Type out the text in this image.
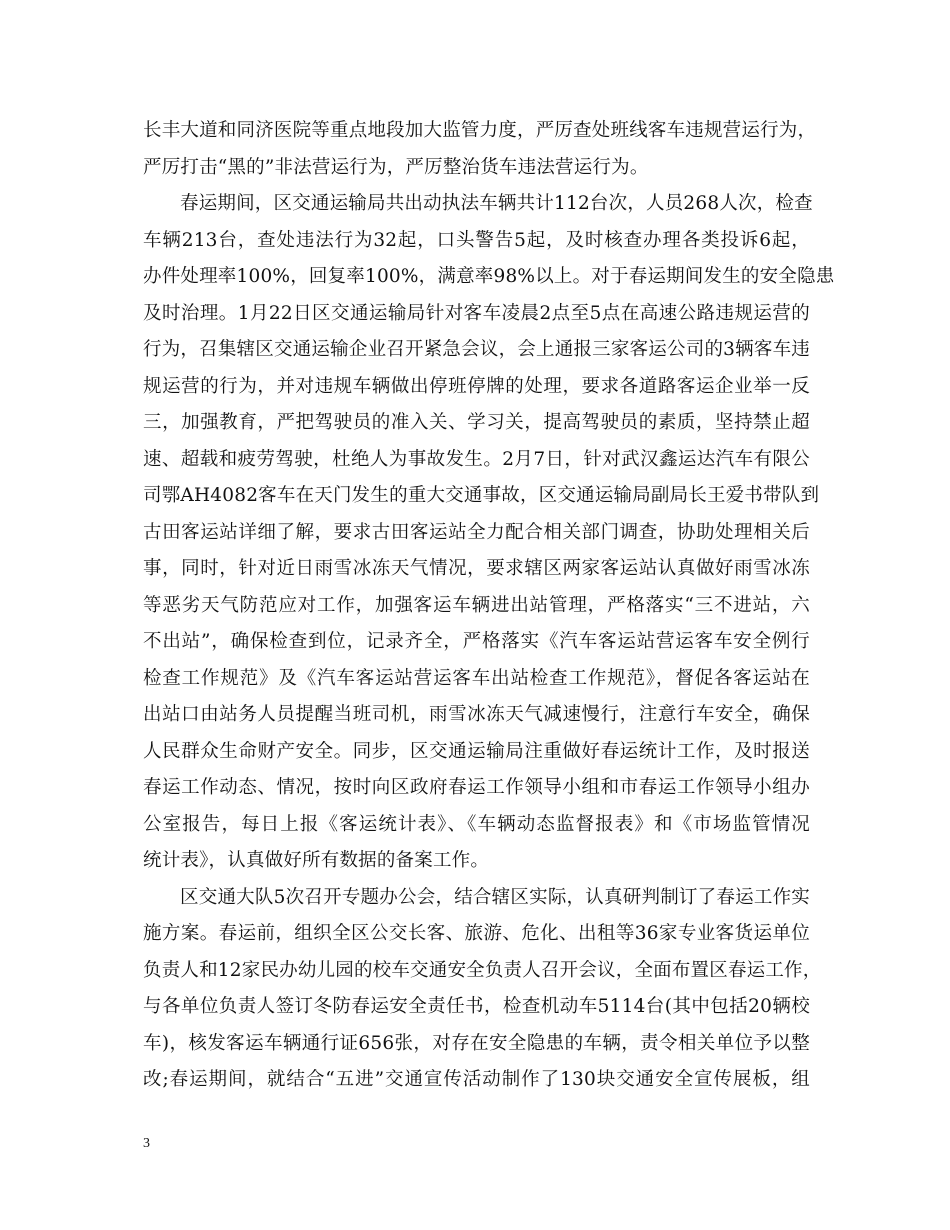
长丰大道和同济医院等重点地段加大监管力度，严厉查处班线客车违规营运行为，
严厉打击“黑的”非法营运行为，严厉整治货车违法营运行为。
春运期间，区交通运输局共出动执法车辆共计112台次，人员268人次，检查
车辆213台，查处违法行为32起，口头警告5起，及时核查办理各类投诉6起，
办件处理率100%，回复率100%，满意率98%以上。对于春运期间发生的安全隐患
及时治理。1月22日区交通运输局针对客车凌晨2点至5点在高速公路违规运营的
行为，召集辖区交通运输企业召开紧急会议，会上通报三家客运公司的3辆客车违
规运营的行为，并对违规车辆做出停班停牌的处理，要求各道路客运企业举一反
三，加强教育，严把驾驶员的准入关、学习关，提高驾驶员的素质，坚持禁止超
速、超载和疲劳驾驶，杜绝人为事故发生。2月7日，针对武汉鑫运达汽车有限公
司鄂AH4082客车在天门发生的重大交通事故，区交通运输局副局长王爱书带队到
古田客运站详细了解，要求古田客运站全力配合相关部门调查，协助处理相关后
事，同时，针对近日雨雪冰冻天气情况，要求辖区两家客运站认真做好雨雪冰冻
等恶劣天气防范应对工作，加强客运车辆进出站管理，严格落实“三不进站，六
不出站”，确保检查到位，记录齐全，严格落实《汽车客运站营运客车安全例行
检查工作规范》及《汽车客运站营运客车出站检查工作规范》，督促各客运站在
出站口由站务人员提醒当班司机，雨雪冰冻天气减速慢行，注意行车安全，确保
人民群众生命财产安全。同步，区交通运输局注重做好春运统计工作，及时报送
春运工作动态、情况，按时向区政府春运工作领导小组和市春运工作领导小组办
公室报告，每日上报《客运统计表》、《车辆动态监督报表》和《市场监管情况
统计表》，认真做好所有数据的备案工作。
区交通大队5次召开专题办公会，结合辖区实际，认真研判制订了春运工作实
施方案。春运前，组织全区公交长客、旅游、危化、出租等36家专业客货运单位
负责人和12家民办幼儿园的校车交通安全负责人召开会议，全面布置区春运工作，
与各单位负责人签订冬防春运安全责任书，检查机动车5114台(其中包括20辆校
车)，核发客运车辆通行证656张，对存在安全隐患的车辆，责令相关单位予以整
改;春运期间，就结合“五进”交通宣传活动制作了130块交通安全宣传展板，组
3
